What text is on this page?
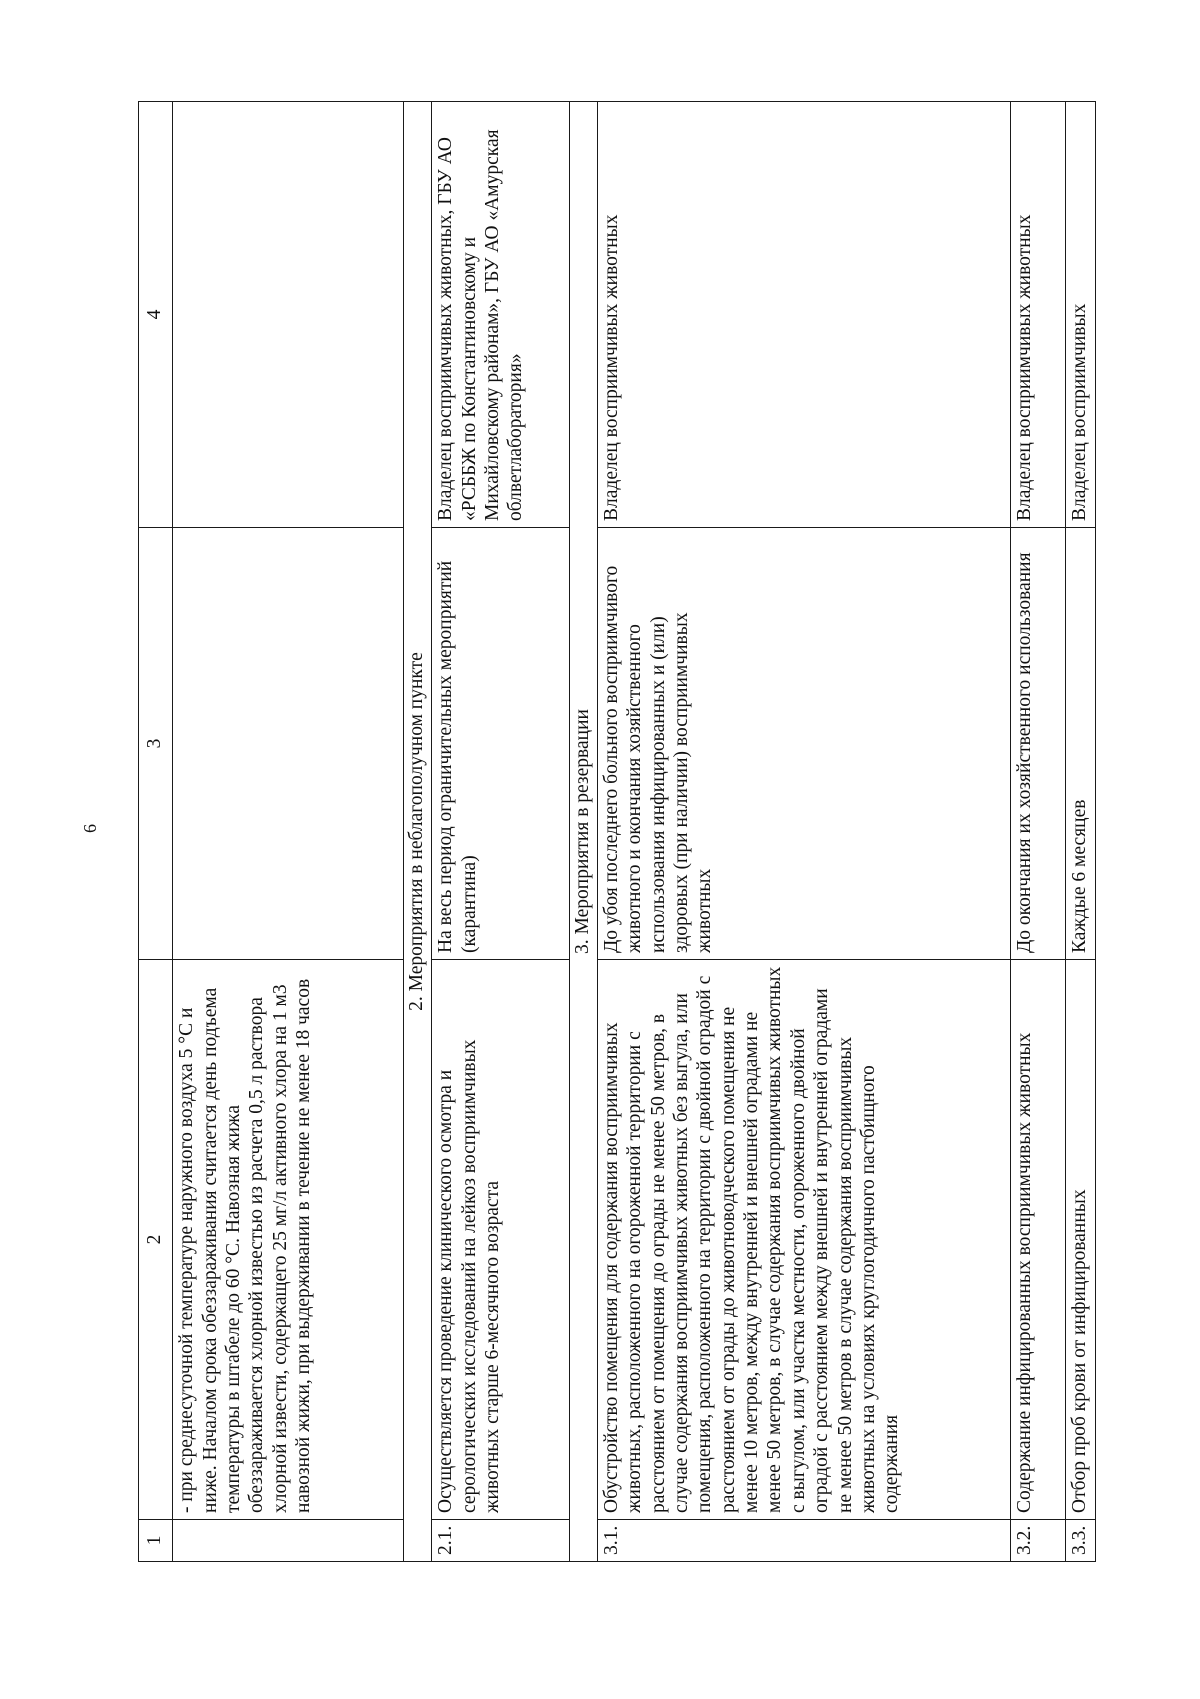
6
1	2	3	4
	- при среднесуточной температуре наружного воздуха 5 °С и ниже. Началом срока обеззараживания считается день подъема температуры в штабеле до 60 °С. Навозная жижа обеззараживается хлорной известью из расчета 0,5 л раствора хлорной извести, содержащего 25 мг/л активного хлора на 1 м3 навозной жижи, при выдерживании в течение не менее 18 часов		
2. Мероприятия в неблагополучном пункте			
2.1.	Осуществляется проведение клинического осмотра и серологических исследований на лейкоз восприимчивых животных старше 6-месячного возраста	На весь период ограничительных мероприятий (карантина)	Владелец восприимчивых животных, ГБУ АО «РСББЖ по Константиновскому и Михайловскому районам», ГБУ АО «Амурская облветлаборатория»
3. Мероприятия в резервации			
3.1.	Обустройство помещения для содержания восприимчивых животных, расположенного на огороженной территории с расстоянием от помещения до ограды не менее 50 метров, в случае содержания восприимчивых животных без выгула, или помещения, расположенного на территории с двойной оградой с расстоянием от ограды до животноводческого помещения не менее 10 метров, между внутренней и внешней оградами не менее 50 метров, в случае содержания восприимчивых животных с выгулом, или участка местности, огороженного двойной оградой с расстоянием между внешней и внутренней оградами не менее 50 метров в случае содержания восприимчивых животных на условиях круглогодичного пастбищного содержания	До убоя последнего больного восприимчивого животного и окончания хозяйственного использования инфицированных и (или) здоровых (при наличии) восприимчивых животных	Владелец восприимчивых животных
3.2.	Содержание инфицированных восприимчивых животных	До окончания их хозяйственного использования	Владелец восприимчивых животных
3.3.	Отбор проб крови от инфицированных	Каждые 6 месяцев	Владелец восприимчивых
